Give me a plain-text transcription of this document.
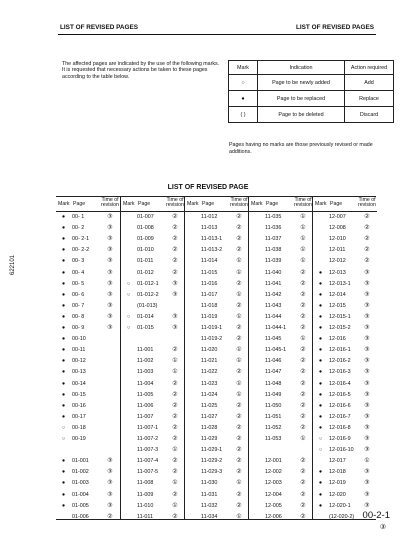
LIST OF REVISED PAGES	LIST OF REVISED PAGES
The affected pages are indicated by the use of the following marks. It is requested that necessary actions be taken to these pages according to the table below.
Mark	Indication	Action required
○	Page to be newly added	Add
●	Page to be replaced	Replace
( )	Page to be deleted	Discard
Pages having no marks are those previously revised or made additions.
LIST OF REVISED PAGE
Mark Page
Time of revision
●	00- 1	③
●	00- 2	③
●	00- 2-1	③
●	00- 2-2	③
●	00- 3	③
●	00- 4	③
●	00- 5	③
●	00- 6	③
●	00- 7	③
●	00- 8	③
●	00- 9	③
●	00-10
●	00-11
●	00-12
●	00-13
●	00-14
●	00-15
●	00-16
●	00-17
○	00-18
○	00-19
●	01-001	③
●	01-002	③
●	01-003	③
●	01-004	③
●	01-005	③
01-006	②
Mark Page
Time of revision
01-007	②
01-008	②
01-009	②
01-010	②
01-011	②
01-012	②
○	01-012-1	③
○	01-012-2	③
(01-013)
○	01-014	③
○	01-015	③
11-001	②
11-002	①
11-003	①
11-004	②
11-005	②
11-006	②
11-007	②
11-007-1	②
11-007-2	②
11-007-3	①
11-007-4	②
11-007-5	②
11-008	①
11-009	②
11-010	①
11-011	②
Mark Page
Time of revision
11-012	②
11-013	②
11-013-1	②
11-013-2	②
11-014	①
11-015	①
11-016	②
11-017	①
11-018	②
11-019	①
11-019-1	②
11-019-2	②
11-020	①
11-021	①
11-022	②
11-023	①
11-024	①
11-025	②
11-027	②
11-028	②
11-029	②
11-029-1	②
11-029-2	②
11-029-3	②
11-030	①
11-031	②
11-032	②
11-034	①
Mark Page
Time of revision
11-035	①
11-036	①
11-037	①
11-038	①
11-039	①
11-040	②
11-041	②
11-042	②
11-043	②
11-044	②
11-044-1	②
11-045	①
11-045-1	②
11-046	②
11-047	②
11-048	②
11-049	②
11-050	②
11-051	②
11-052	②
11-053	①
12-001	②
12-002	②
12-003	②
12-004	②
12-005	②
12-006	②
Mark Page
Time of revision
12-007	②
12-008	②
12-010	②
12-011	②
12-012	②
●	12-013	③
●	12-013-1	③
●	12-014	③
●	12-015	③
●	12-015-1	③
●	12-015-2	③
●	12-016	③
●	12-016-1	③
●	12-016-2	③
●	12-016-3	③
●	12-016-4	③
●	12-016-5	③
●	12-016-6	③
●	12-016-7	③
●	12-016-8	③
○	12-016-9	③
○	12-016-10	③
12-017	①
●	12-018	③
●	12-019	③
●	12-020	③
●	12-020-1	③
(12-020-2)
622101
00-2-1
③
